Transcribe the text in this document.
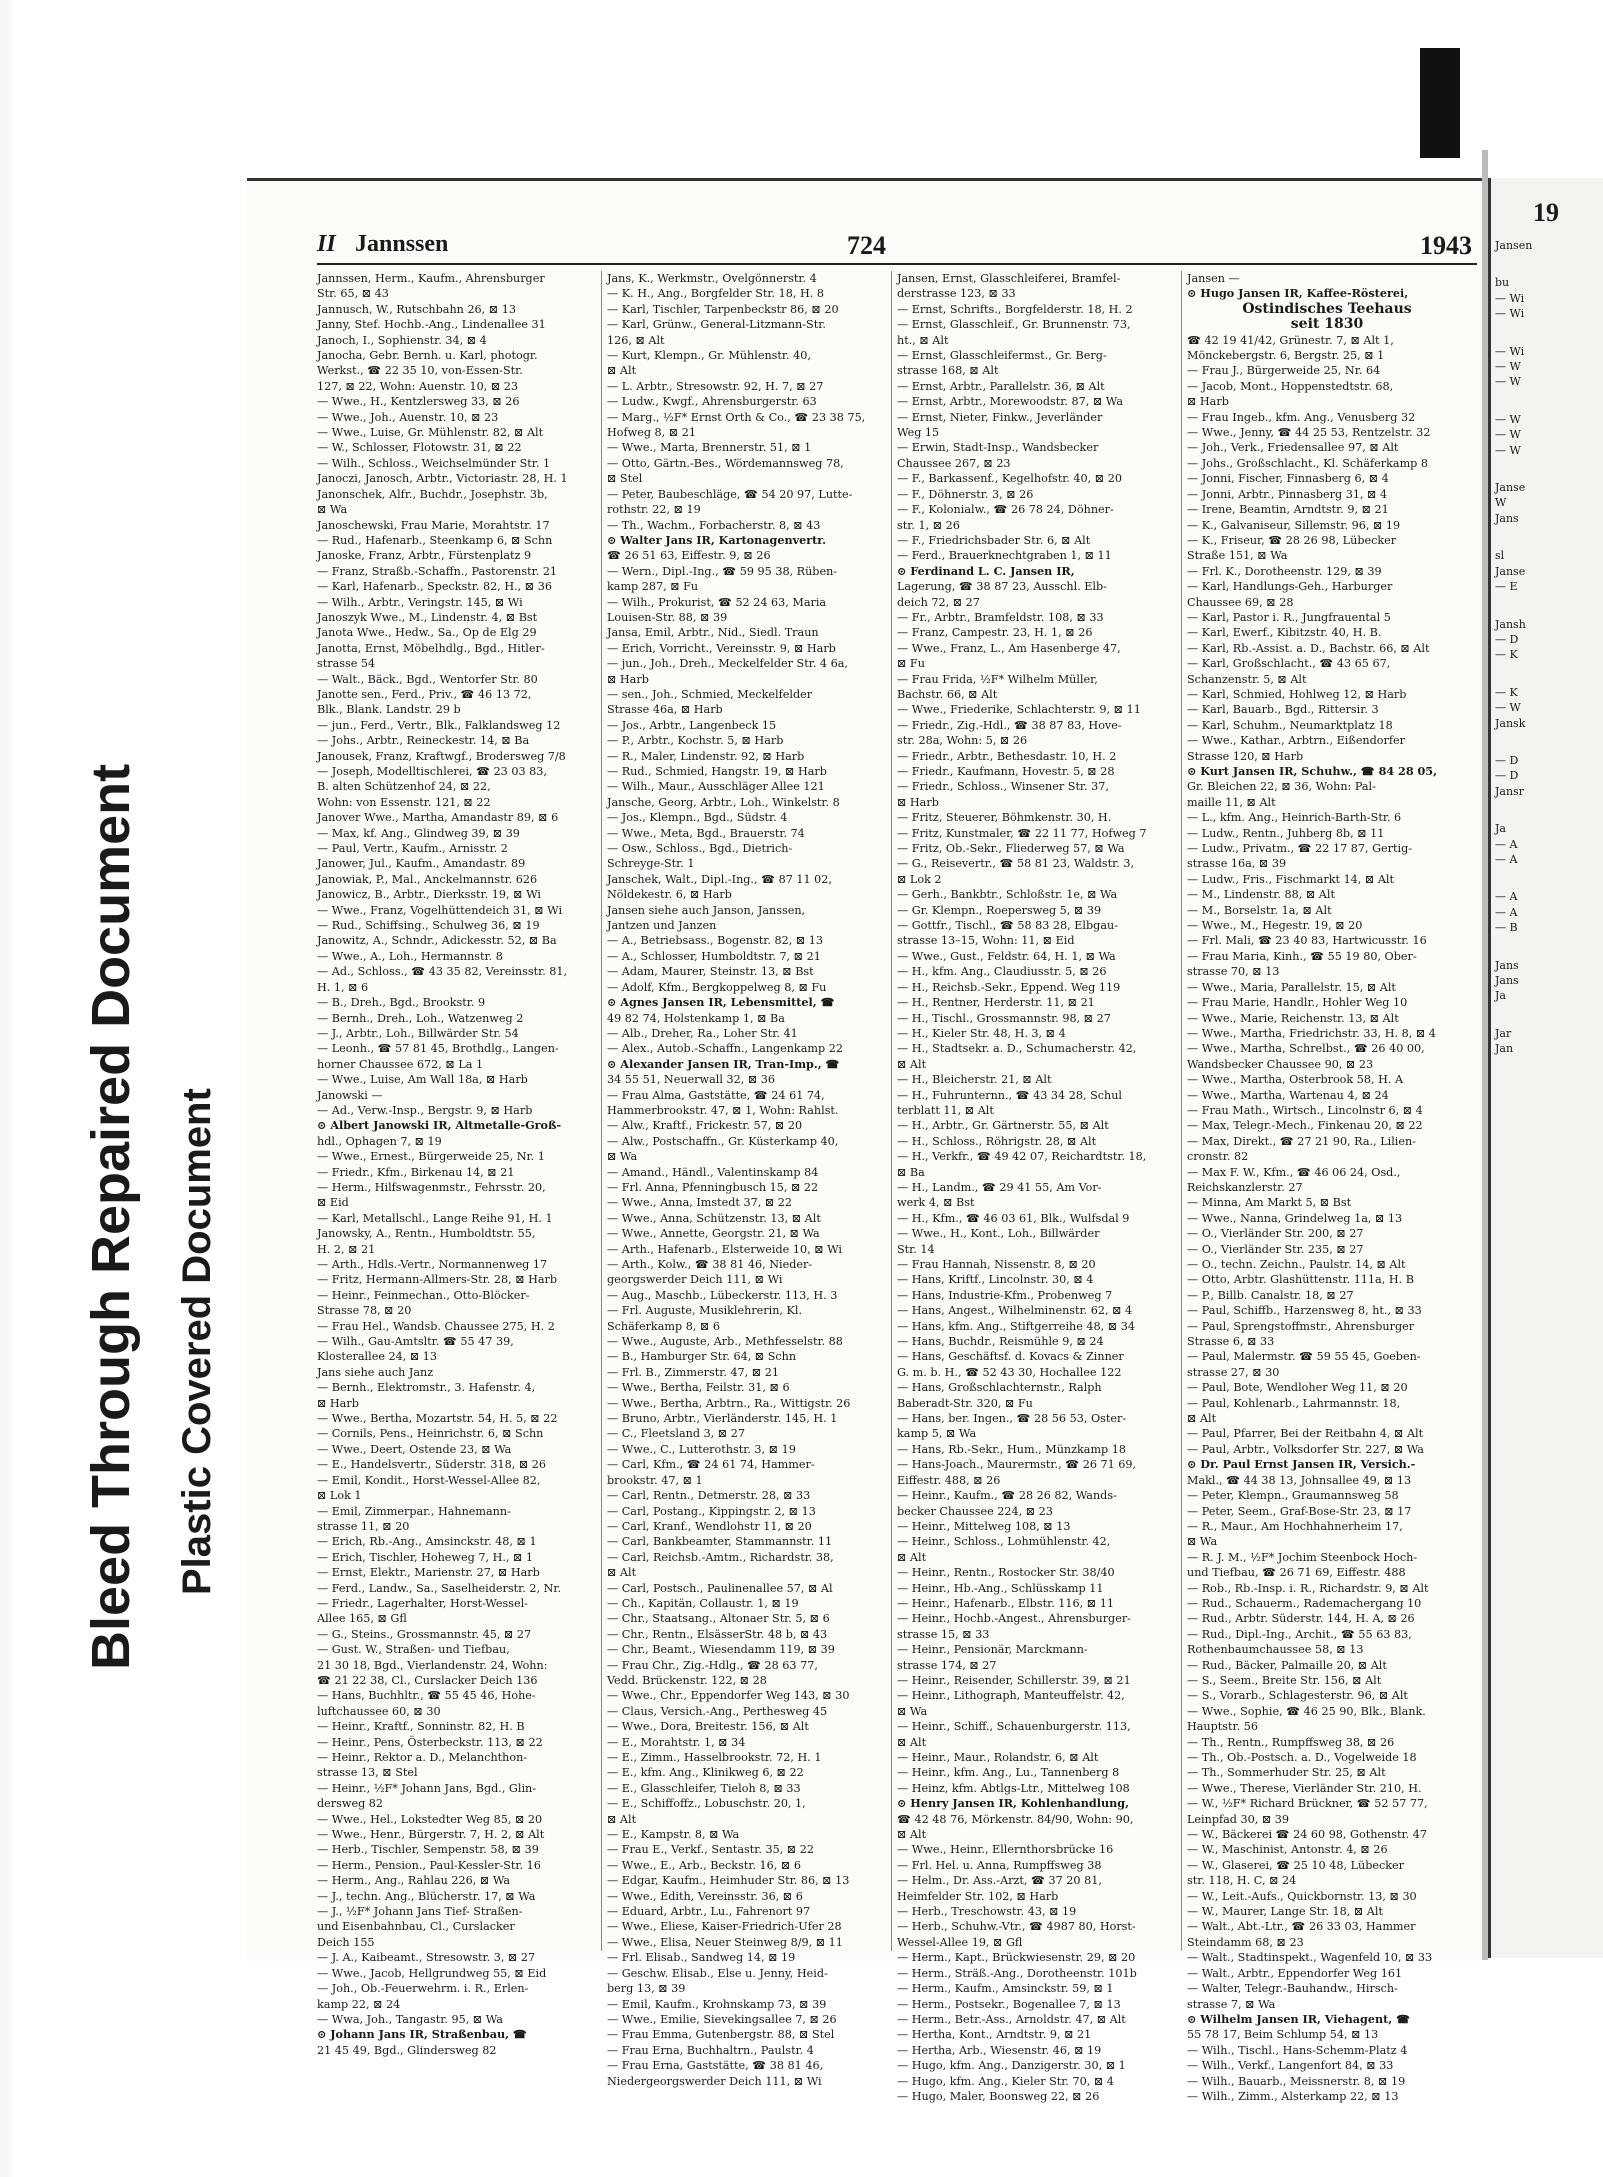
Bleed Through Repaired Document Plastic Covered Document
II Jannssen	724	1943
Jannssen, Herm., Kaufm., Ahrensburger
Str. 65, ⊠ 43
Jannusch, W., Rutschbahn 26, ⊠ 13
Janny, Stef. Hochb.-Ang., Lindenallee 31
Janoch, I., Sophienstr. 34, ⊠ 4
Janocha, Gebr. Bernh. u. Karl, photogr.
Werkst., ☎ 22 35 10, von-Essen-Str.
127, ⊠ 22, Wohn: Auenstr. 10, ⊠ 23
— Wwe., H., Kentzlersweg 33, ⊠ 26
— Wwe., Joh., Auenstr. 10, ⊠ 23
— Wwe., Luise, Gr. Mühlenstr. 82, ⊠ Alt
— W., Schlosser, Flotowstr. 31, ⊠ 22
— Wilh., Schloss., Weichselmünder Str. 1
Janoczi, Janosch, Arbtr., Victoriastr. 28, H. 1
Janonschek, Alfr., Buchdr., Josephstr. 3b,
⊠ Wa
Janoschewski, Frau Marie, Morahtstr. 17
— Rud., Hafenarb., Steenkamp 6, ⊠ Schn
Janoske, Franz, Arbtr., Fürstenplatz 9
— Franz, Straßb.-Schaffn., Pastorenstr. 21
— Karl, Hafenarb., Speckstr. 82, H., ⊠ 36
— Wilh., Arbtr., Veringstr. 145, ⊠ Wi
Janoszyk Wwe., M., Lindenstr. 4, ⊠ Bst
Janota Wwe., Hedw., Sa., Op de Elg 29
Janotta, Ernst, Möbelhdlg., Bgd., Hitler-
strasse 54
— Walt., Bäck., Bgd., Wentorfer Str. 80
Janotte sen., Ferd., Priv., ☎ 46 13 72,
Blk., Blank. Landstr. 29 b
— jun., Ferd., Vertr., Blk., Falklandsweg 12
— Johs., Arbtr., Reineckestr. 14, ⊠ Ba
Janousek, Franz, Kraftwgf., Brodersweg 7/8
— Joseph, Modelltischlerei, ☎ 23 03 83,
B. alten Schützenhof 24, ⊠ 22,
Wohn: von Essenstr. 121, ⊠ 22
Janover Wwe., Martha, Amandastr 89, ⊠ 6
— Max, kf. Ang., Glindweg 39, ⊠ 39
— Paul, Vertr., Kaufm., Arnisstr. 2
Janower, Jul., Kaufm., Amandastr. 89
Janowiak, P., Mal., Anckelmannstr. 626
Janowicz, B., Arbtr., Dierksstr. 19, ⊠ Wi
— Wwe., Franz, Vogelhüttendeich 31, ⊠ Wi
— Rud., Schiffsing., Schulweg 36, ⊠ 19
Janowitz, A., Schndr., Adickesstr. 52, ⊠ Ba
— Wwe., A., Loh., Hermannstr. 8
— Ad., Schloss., ☎ 43 35 82, Vereinsstr. 81,
H. 1, ⊠ 6
— B., Dreh., Bgd., Brookstr. 9
— Bernh., Dreh., Loh., Watzenweg 2
— J., Arbtr., Loh., Billwärder Str. 54
— Leonh., ☎ 57 81 45, Brothdlg., Langen-
horner Chaussee 672, ⊠ La 1
— Wwe., Luise, Am Wall 18a, ⊠ Harb
Janowski —
— Ad., Verw.-Insp., Bergstr. 9, ⊠ Harb
⊙ Albert Janowski IR, Altmetalle-Groß-
hdl., Ophagen 7, ⊠ 19
— Wwe., Ernest., Bürgerweide 25, Nr. 1
— Friedr., Kfm., Birkenau 14, ⊠ 21
— Herm., Hilfswagenmstr., Fehrsstr. 20,
⊠ Eid
— Karl, Metallschl., Lange Reihe 91, H. 1
Janowsky, A., Rentn., Humboldtstr. 55,
H. 2, ⊠ 21
— Arth., Hdls.-Vertr., Normannenweg 17
— Fritz, Hermann-Allmers-Str. 28, ⊠ Harb
— Heinr., Feinmechan., Otto-Blöcker-
Strasse 78, ⊠ 20
— Frau Hel., Wandsb. Chaussee 275, H. 2
— Wilh., Gau-Amtsltr. ☎ 55 47 39,
Klosterallee 24, ⊠ 13
Jans siehe auch Janz
— Bernh., Elektromstr., 3. Hafenstr. 4,
⊠ Harb
— Wwe., Bertha, Mozartstr. 54, H. 5, ⊠ 22
— Cornils, Pens., Heinrichstr. 6, ⊠ Schn
— Wwe., Deert, Ostende 23, ⊠ Wa
— E., Handelsvertr., Süderstr. 318, ⊠ 26
— Emil, Kondit., Horst-Wessel-Allee 82,
⊠ Lok 1
— Emil, Zimmerpar., Hahnemann-
strasse 11, ⊠ 20
— Erich, Rb.-Ang., Amsinckstr. 48, ⊠ 1
— Erich, Tischler, Hoheweg 7, H., ⊠ 1
— Ernst, Elektr., Marienstr. 27, ⊠ Harb
— Ferd., Landw., Sa., Saselheiderstr. 2, Nr.
— Friedr., Lagerhalter, Horst-Wessel-
Allee 165, ⊠ Gfl
— G., Steins., Grossmannstr. 45, ⊠ 27
— Gust. W., Straßen- und Tiefbau,
21 30 18, Bgd., Vierlandenstr. 24, Wohn:
☎ 21 22 38, Cl., Curslacker Deich 136
— Hans, Buchhltr., ☎ 55 45 46, Hohe-
luftchaussee 60, ⊠ 30
— Heinr., Kraftf., Sonninstr. 82, H. B
— Heinr., Pens, Österbeckstr. 113, ⊠ 22
— Heinr., Rektor a. D., Melanchthon-
strasse 13, ⊠ Stel
— Heinr., ½F* Johann Jans, Bgd., Glin-
dersweg 82
— Wwe., Hel., Lokstedter Weg 85, ⊠ 20
— Wwe., Henr., Bürgerstr. 7, H. 2, ⊠ Alt
— Herb., Tischler, Sempenstr. 58, ⊠ 39
— Herm., Pension., Paul-Kessler-Str. 16
— Herm., Ang., Rahlau 226, ⊠ Wa
— J., techn. Ang., Blücherstr. 17, ⊠ Wa
— J., ½F* Johann Jans Tief- Straßen-
und Eisenbahnbau, Cl., Curslacker
Deich 155
— J. A., Kaibeamt., Stresowstr. 3, ⊠ 27
— Wwe., Jacob, Hellgrundweg 55, ⊠ Eid
— Joh., Ob.-Feuerwehrm. i. R., Erlen-
kamp 22, ⊠ 24
— Wwa, Joh., Tangastr. 95, ⊠ Wa
⊙ Johann Jans IR, Straßenbau, ☎
21 45 49, Bgd., Glindersweg 82
Jans, K., Werkmstr., Ovelgönnerstr. 4
— K. H., Ang., Borgfelder Str. 18, H. 8
— Karl, Tischler, Tarpenbeckstr 86, ⊠ 20
— Karl, Grünw., General-Litzmann-Str.
126, ⊠ Alt
— Kurt, Klempn., Gr. Mühlenstr. 40,
⊠ Alt
— L. Arbtr., Stresowstr. 92, H. 7, ⊠ 27
— Ludw., Kwgf., Ahrensburgerstr. 63
— Marg., ½F* Ernst Orth & Co., ☎ 23 38 75,
Hofweg 8, ⊠ 21
— Wwe., Marta, Brennerstr. 51, ⊠ 1
— Otto, Gärtn.-Bes., Wördemannsweg 78,
⊠ Stel
— Peter, Baubeschläge, ☎ 54 20 97, Lutte-
rothstr. 22, ⊠ 19
— Th., Wachm., Forbacherstr. 8, ⊠ 43
⊙ Walter Jans IR, Kartonagenvertr.
☎ 26 51 63, Eiffestr. 9, ⊠ 26
— Wern., Dipl.-Ing., ☎ 59 95 38, Rüben-
kamp 287, ⊠ Fu
— Wilh., Prokurist, ☎ 52 24 63, Maria
Louisen-Str. 88, ⊠ 39
Jansa, Emil, Arbtr., Nid., Siedl. Traun
— Erich, Vorricht., Vereinsstr. 9, ⊠ Harb
— jun., Joh., Dreh., Meckelfelder Str. 4 6a,
⊠ Harb
— sen., Joh., Schmied, Meckelfelder
Strasse 46a, ⊠ Harb
— Jos., Arbtr., Langenbeck 15
— P., Arbtr., Kochstr. 5, ⊠ Harb
— R., Maler, Lindenstr. 92, ⊠ Harb
— Rud., Schmied, Hangstr. 19, ⊠ Harb
— Wilh., Maur., Ausschläger Allee 121
Jansche, Georg, Arbtr., Loh., Winkelstr. 8
— Jos., Klempn., Bgd., Südstr. 4
— Wwe., Meta, Bgd., Brauerstr. 74
— Osw., Schloss., Bgd., Dietrich-
Schreyge-Str. 1
Janschek, Walt., Dipl.-Ing., ☎ 87 11 02,
Nöldekestr. 6, ⊠ Harb
Jansen siehe auch Janson, Janssen,
Jantzen und Janzen
— A., Betriebsass., Bogenstr. 82, ⊠ 13
— A., Schlosser, Humboldtstr. 7, ⊠ 21
— Adam, Maurer, Steinstr. 13, ⊠ Bst
— Adolf, Kfm., Bergkoppelweg 8, ⊠ Fu
⊙ Agnes Jansen IR, Lebensmittel, ☎
49 82 74, Holstenkamp 1, ⊠ Ba
— Alb., Dreher, Ra., Loher Str. 41
— Alex., Autob.-Schaffn., Langenkamp 22
⊙ Alexander Jansen IR, Tran-Imp., ☎
34 55 51, Neuerwall 32, ⊠ 36
— Frau Alma, Gaststätte, ☎ 24 61 74,
Hammerbrookstr. 47, ⊠ 1, Wohn: Rahlst.
— Alw., Kraftf., Frickestr. 57, ⊠ 20
— Alw., Postschaffn., Gr. Küsterkamp 40,
⊠ Wa
— Amand., Händl., Valentinskamp 84
— Frl. Anna, Pfenningbusch 15, ⊠ 22
— Wwe., Anna, Imstedt 37, ⊠ 22
— Wwe., Anna, Schützenstr. 13, ⊠ Alt
— Wwe., Annette, Georgstr. 21, ⊠ Wa
— Arth., Hafenarb., Elsterweide 10, ⊠ Wi
— Arth., Kolw., ☎ 38 81 46, Nieder-
georgswerder Deich 111, ⊠ Wi
— Aug., Maschb., Lübeckerstr. 113, H. 3
— Frl. Auguste, Musiklehrerin, Kl.
Schäferkamp 8, ⊠ 6
— Wwe., Auguste, Arb., Methfesselstr. 88
— B., Hamburger Str. 64, ⊠ Schn
— Frl. B., Zimmerstr. 47, ⊠ 21
— Wwe., Bertha, Feilstr. 31, ⊠ 6
— Wwe., Bertha, Arbtrn., Ra., Wittigstr. 26
— Bruno, Arbtr., Vierländerstr. 145, H. 1
— C., Fleetsland 3, ⊠ 27
— Wwe., C., Lutterothstr. 3, ⊠ 19
— Carl, Kfm., ☎ 24 61 74, Hammer-
brookstr. 47, ⊠ 1
— Carl, Rentn., Detmerstr. 28, ⊠ 33
— Carl, Postang., Kippingstr. 2, ⊠ 13
— Carl, Kranf., Wendlohstr 11, ⊠ 20
— Carl, Bankbeamter, Stammannstr. 11
— Carl, Reichsb.-Amtm., Richardstr. 38,
⊠ Alt
— Carl, Postsch., Paulinenallee 57, ⊠ Al
— Ch., Kapitän, Collaustr. 1, ⊠ 19
— Chr., Staatsang., Altonaer Str. 5, ⊠ 6
— Chr., Rentn., ElsässerStr. 48 b, ⊠ 43
— Chr., Beamt., Wiesendamm 119, ⊠ 39
— Frau Chr., Zig.-Hdlg., ☎ 28 63 77,
Vedd. Brückenstr. 122, ⊠ 28
— Wwe., Chr., Eppendorfer Weg 143, ⊠ 30
— Claus, Versich.-Ang., Perthesweg 45
— Wwe., Dora, Breitestr. 156, ⊠ Alt
— E., Morahtstr. 1, ⊠ 34
— E., Zimm., Hasselbrookstr. 72, H. 1
— E., kfm. Ang., Klinikweg 6, ⊠ 22
— E., Glasschleifer, Tieloh 8, ⊠ 33
— E., Schiffoffz., Lobuschstr. 20, 1,
⊠ Alt
— E., Kampstr. 8, ⊠ Wa
— Frau E., Verkf., Sentastr. 35, ⊠ 22
— Wwe., E., Arb., Beckstr. 16, ⊠ 6
— Edgar, Kaufm., Heimhuder Str. 86, ⊠ 13
— Wwe., Edith, Vereinsstr. 36, ⊠ 6
— Eduard, Arbtr., Lu., Fahrenort 97
— Wwe., Eliese, Kaiser-Friedrich-Ufer 28
— Wwe., Elisa, Neuer Steinweg 8/9, ⊠ 11
— Frl. Elisab., Sandweg 14, ⊠ 19
— Geschw. Elisab., Else u. Jenny, Heid-
berg 13, ⊠ 39
— Emil, Kaufm., Krohnskamp 73, ⊠ 39
— Wwe., Emilie, Sievekingsallee 7, ⊠ 26
— Frau Emma, Gutenbergstr. 88, ⊠ Stel
— Frau Erna, Buchhaltrn., Paulstr. 4
— Frau Erna, Gaststätte, ☎ 38 81 46,
Niedergeorgswerder Deich 111, ⊠ Wi
Jansen, Ernst, Glasschleiferei, Bramfel-
derstrasse 123, ⊠ 33
— Ernst, Schrifts., Borgfelderstr. 18, H. 2
— Ernst, Glasschleif., Gr. Brunnenstr. 73,
ht., ⊠ Alt
— Ernst, Glasschleifermst., Gr. Berg-
strasse 168, ⊠ Alt
— Ernst, Arbtr., Parallelstr. 36, ⊠ Alt
— Ernst, Arbtr., Morewoodstr. 87, ⊠ Wa
— Ernst, Nieter, Finkw., Jeverländer
Weg 15
— Erwin, Stadt-Insp., Wandsbecker
Chaussee 267, ⊠ 23
— F., Barkassenf., Kegelhofstr. 40, ⊠ 20
— F., Döhnerstr. 3, ⊠ 26
— F., Kolonialw., ☎ 26 78 24, Döhner-
str. 1, ⊠ 26
— F., Friedrichsbader Str. 6, ⊠ Alt
— Ferd., Brauerknechtgraben 1, ⊠ 11
⊙ Ferdinand L. C. Jansen IR,
Lagerung, ☎ 38 87 23, Ausschl. Elb-
deich 72, ⊠ 27
— Fr., Arbtr., Bramfeldstr. 108, ⊠ 33
— Franz, Campestr. 23, H. 1, ⊠ 26
— Wwe., Franz, L., Am Hasenberge 47,
⊠ Fu
— Frau Frida, ½F* Wilhelm Müller,
Bachstr. 66, ⊠ Alt
— Wwe., Friederike, Schlachterstr. 9, ⊠ 11
— Friedr., Zig.-Hdl., ☎ 38 87 83, Hove-
str. 28a, Wohn: 5, ⊠ 26
— Friedr., Arbtr., Bethesdastr. 10, H. 2
— Friedr., Kaufmann, Hovestr. 5, ⊠ 28
— Friedr., Schloss., Winsener Str. 37,
⊠ Harb
— Fritz, Steuerer, Böhmkenstr. 30, H.
— Fritz, Kunstmaler, ☎ 22 11 77, Hofweg 7
— Fritz, Ob.-Sekr., Fliederweg 57, ⊠ Wa
— G., Reisevertr., ☎ 58 81 23, Waldstr. 3,
⊠ Lok 2
— Gerh., Bankbtr., Schloßstr. 1e, ⊠ Wa
— Gr. Klempn., Roepersweg 5, ⊠ 39
— Gottfr., Tischl., ☎ 58 83 28, Elbgau-
strasse 13–15, Wohn: 11, ⊠ Eid
— Wwe., Gust., Feldstr. 64, H. 1, ⊠ Wa
— H., kfm. Ang., Claudiusstr. 5, ⊠ 26
— H., Reichsb.-Sekr., Eppend. Weg 119
— H., Rentner, Herderstr. 11, ⊠ 21
— H., Tischl., Grossmannstr. 98, ⊠ 27
— H., Kieler Str. 48, H. 3, ⊠ 4
— H., Stadtsekr. a. D., Schumacherstr. 42,
⊠ Alt
— H., Bleicherstr. 21, ⊠ Alt
— H., Fuhrunternn., ☎ 43 34 28, Schul
terblatt 11, ⊠ Alt
— H., Arbtr., Gr. Gärtnerstr. 55, ⊠ Alt
— H., Schloss., Röhrigstr. 28, ⊠ Alt
— H., Verkfr., ☎ 49 42 07, Reichardtstr. 18,
⊠ Ba
— H., Landm., ☎ 29 41 55, Am Vor-
werk 4, ⊠ Bst
— H., Kfm., ☎ 46 03 61, Blk., Wulfsdal 9
— Wwe., H., Kont., Loh., Billwärder
Str. 14
— Frau Hannah, Nissenstr. 8, ⊠ 20
— Hans, Kriftf., Lincolnstr. 30, ⊠ 4
— Hans, Industrie-Kfm., Probenweg 7
— Hans, Angest., Wilhelminenstr. 62, ⊠ 4
— Hans, kfm. Ang., Stiftgerreihe 48, ⊠ 34
— Hans, Buchdr., Reismühle 9, ⊠ 24
— Hans, Geschäftsf. d. Kovacs & Zinner
G. m. b. H., ☎ 52 43 30, Hochallee 122
— Hans, Großschlachternstr., Ralph
Baberadt-Str. 320, ⊠ Fu
— Hans, ber. Ingen., ☎ 28 56 53, Oster-
kamp 5, ⊠ Wa
— Hans, Rb.-Sekr., Hum., Münzkamp 18
— Hans-Joach., Maurermstr., ☎ 26 71 69,
Eiffestr. 488, ⊠ 26
— Heinr., Kaufm., ☎ 28 26 82, Wands-
becker Chaussee 224, ⊠ 23
— Heinr., Mittelweg 108, ⊠ 13
— Heinr., Schloss., Lohmühlenstr. 42,
⊠ Alt
— Heinr., Rentn., Rostocker Str. 38/40
— Heinr., Hb.-Ang., Schlüsskamp 11
— Heinr., Hafenarb., Elbstr. 116, ⊠ 11
— Heinr., Hochb.-Angest., Ahrensburger-
strasse 15, ⊠ 33
— Heinr., Pensionär, Marckmann-
strasse 174, ⊠ 27
— Heinr., Reisender, Schillerstr. 39, ⊠ 21
— Heinr., Lithograph, Manteuffelstr. 42,
⊠ Wa
— Heinr., Schiff., Schauenburgerstr. 113,
⊠ Alt
— Heinr., Maur., Rolandstr. 6, ⊠ Alt
— Heinr., kfm. Ang., Lu., Tannenberg 8
— Heinz, kfm. Abtlgs-Ltr., Mittelweg 108
⊙ Henry Jansen IR, Kohlenhandlung,
☎ 42 48 76, Mörkenstr. 84/90, Wohn: 90,
⊠ Alt
— Wwe., Heinr., Ellernthorsbrücke 16
— Frl. Hel. u. Anna, Rumpffsweg 38
— Helm., Dr. Ass.-Arzt, ☎ 37 20 81,
Heimfelder Str. 102, ⊠ Harb
— Herb., Treschowstr. 43, ⊠ 19
— Herb., Schuhw.-Vtr., ☎ 4987 80, Horst-
Wessel-Allee 19, ⊠ Gfl
— Herm., Kapt., Brückwiesenstr. 29, ⊠ 20
— Herm., Sträß.-Ang., Dorotheenstr. 101b
— Herm., Kaufm., Amsinckstr. 59, ⊠ 1
— Herm., Postsekr., Bogenallee 7, ⊠ 13
— Herm., Betr.-Ass., Arnoldstr. 47, ⊠ Alt
— Hertha, Kont., Arndtstr. 9, ⊠ 21
— Hertha, Arb., Wiesenstr. 46, ⊠ 19
— Hugo, kfm. Ang., Danzigerstr. 30, ⊠ 1
— Hugo, kfm. Ang., Kieler Str. 70, ⊠ 4
— Hugo, Maler, Boonsweg 22, ⊠ 26
Jansen —
⊙ Hugo Jansen IR, Kaffee-Rösterei,
Ostindisches Teehaus
seit 1830
☎ 42 19 41/42, Grünestr. 7, ⊠ Alt 1,
Mönckebergstr. 6, Bergstr. 25, ⊠ 1
— Frau J., Bürgerweide 25, Nr. 64
— Jacob, Mont., Hoppenstedtstr. 68,
⊠ Harb
— Frau Ingeb., kfm. Ang., Venusberg 32
— Wwe., Jenny, ☎ 44 25 53, Rentzelstr. 32
— Joh., Verk., Friedensallee 97, ⊠ Alt
— Johs., Großschlacht., Kl. Schäferkamp 8
— Jonni, Fischer, Finnasberg 6, ⊠ 4
— Jonni, Arbtr., Pinnasberg 31, ⊠ 4
— Irene, Beamtin, Arndtstr. 9, ⊠ 21
— K., Galvaniseur, Sillemstr. 96, ⊠ 19
— K., Friseur, ☎ 28 26 98, Lübecker
Straße 151, ⊠ Wa
— Frl. K., Dorotheenstr. 129, ⊠ 39
— Karl, Handlungs-Geh., Harburger
Chaussee 69, ⊠ 28
— Karl, Pastor i. R., Jungfrauental 5
— Karl, Ewerf., Kibitzstr. 40, H. B.
— Karl, Rb.-Assist. a. D., Bachstr. 66, ⊠ Alt
— Karl, Großschlacht., ☎ 43 65 67,
Schanzenstr. 5, ⊠ Alt
— Karl, Schmied, Hohlweg 12, ⊠ Harb
— Karl, Bauarb., Bgd., Rittersir. 3
— Karl, Schuhm., Neumarktplatz 18
— Wwe., Kathar., Arbtrn., Eißendorfer
Strasse 120, ⊠ Harb
⊙ Kurt Jansen IR, Schuhw., ☎ 84 28 05,
Gr. Bleichen 22, ⊠ 36, Wohn: Pal-
maille 11, ⊠ Alt
— L., kfm. Ang., Heinrich-Barth-Str. 6
— Ludw., Rentn., Juhberg 8b, ⊠ 11
— Ludw., Privatm., ☎ 22 17 87, Gertig-
strasse 16a, ⊠ 39
— Ludw., Fris., Fischmarkt 14, ⊠ Alt
— M., Lindenstr. 88, ⊠ Alt
— M., Borselstr. 1a, ⊠ Alt
— Wwe., M., Hegestr. 19, ⊠ 20
— Frl. Mali, ☎ 23 40 83, Hartwicusstr. 16
— Frau Maria, Kinh., ☎ 55 19 80, Ober-
strasse 70, ⊠ 13
— Wwe., Maria, Parallelstr. 15, ⊠ Alt
— Frau Marie, Handlr., Hohler Weg 10
— Wwe., Marie, Reichenstr. 13, ⊠ Alt
— Wwe., Martha, Friedrichstr. 33, H. 8, ⊠ 4
— Wwe., Martha, Schrelbst., ☎ 26 40 00,
Wandsbecker Chaussee 90, ⊠ 23
— Wwe., Martha, Osterbrook 58, H. A
— Wwe., Martha, Wartenau 4, ⊠ 24
— Frau Math., Wirtsch., Lincolnstr 6, ⊠ 4
— Max, Telegr.-Mech., Finkenau 20, ⊠ 22
— Max, Direkt., ☎ 27 21 90, Ra., Lilien-
cronstr. 82
— Max F. W., Kfm., ☎ 46 06 24, Osd.,
Reichskanzlerstr. 27
— Minna, Am Markt 5, ⊠ Bst
— Wwe., Nanna, Grindelweg 1a, ⊠ 13
— O., Vierländer Str. 200, ⊠ 27
— O., Vierländer Str. 235, ⊠ 27
— O., techn. Zeichn., Paulstr. 14, ⊠ Alt
— Otto, Arbtr. Glashüttenstr. 111a, H. B
— P., Billb. Canalstr. 18, ⊠ 27
— Paul, Schiffb., Harzensweg 8, ht., ⊠ 33
— Paul, Sprengstoffmstr., Ahrensburger
Strasse 6, ⊠ 33
— Paul, Malermstr. ☎ 59 55 45, Goeben-
strasse 27, ⊠ 30
— Paul, Bote, Wendloher Weg 11, ⊠ 20
— Paul, Kohlenarb., Lahrmannstr. 18,
⊠ Alt
— Paul, Pfarrer, Bei der Reitbahn 4, ⊠ Alt
— Paul, Arbtr., Volksdorfer Str. 227, ⊠ Wa
⊙ Dr. Paul Ernst Jansen IR, Versich.-
Makl., ☎ 44 38 13, Johnsallee 49, ⊠ 13
— Peter, Klempn., Graumannsweg 58
— Peter, Seem., Graf-Bose-Str. 23, ⊠ 17
— R., Maur., Am Hochhahnerheim 17,
⊠ Wa
— R. J. M., ½F* Jochim Steenbock Hoch-
und Tiefbau, ☎ 26 71 69, Eiffestr. 488
— Rob., Rb.-Insp. i. R., Richardstr. 9, ⊠ Alt
— Rud., Schauerm., Rademachergang 10
— Rud., Arbtr. Süderstr. 144, H. A, ⊠ 26
— Rud., Dipl.-Ing., Archit., ☎ 55 63 83,
Rothenbaumchaussee 58, ⊠ 13
— Rud., Bäcker, Palmaille 20, ⊠ Alt
— S., Seem., Breite Str. 156, ⊠ Alt
— S., Vorarb., Schlagesterstr. 96, ⊠ Alt
— Wwe., Sophie, ☎ 46 25 90, Blk., Blank.
Hauptstr. 56
— Th., Rentn., Rumpffsweg 38, ⊠ 26
— Th., Ob.-Postsch. a. D., Vogelweide 18
— Th., Sommerhuder Str. 25, ⊠ Alt
— Wwe., Therese, Vierländer Str. 210, H.
— W., ½F* Richard Brückner, ☎ 52 57 77,
Leinpfad 30, ⊠ 39
— W., Bäckerei ☎ 24 60 98, Gothenstr. 47
— W., Maschinist, Antonstr. 4, ⊠ 26
— W., Glaserei, ☎ 25 10 48, Lübecker
str. 118, H. C, ⊠ 24
— W., Leit.-Aufs., Quickbornstr. 13, ⊠ 30
— W., Maurer, Lange Str. 18, ⊠ Alt
— Walt., Abt.-Ltr., ☎ 26 33 03, Hammer
Steindamm 68, ⊠ 23
— Walt., Stadtinspekt., Wagenfeld 10, ⊠ 33
— Walt., Arbtr., Eppendorfer Weg 161
— Walter, Telegr.-Bauhandw., Hirsch-
strasse 7, ⊠ Wa
⊙ Wilhelm Jansen IR, Viehagent, ☎
55 78 17, Beim Schlump 54, ⊠ 13
— Wilh., Tischl., Hans-Schemm-Platz 4
— Wilh., Verkf., Langenfort 84, ⊠ 33
— Wilh., Bauarb., Meissnerstr. 8, ⊠ 19
— Wilh., Zimm., Alsterkamp 22, ⊠ 13
19
Jansen
bu
— Wi
— Wi
— Wi
— W
— W
— W
— W
— W
Janse
W
Jans
sl
Janse
— E
Jansh
— D
— K
— K
— W
Jansk
— D
— D
Jansr
Ja
— A
— A
— A
— A
— B
Jans
Jans
Ja
Jar
Jan
